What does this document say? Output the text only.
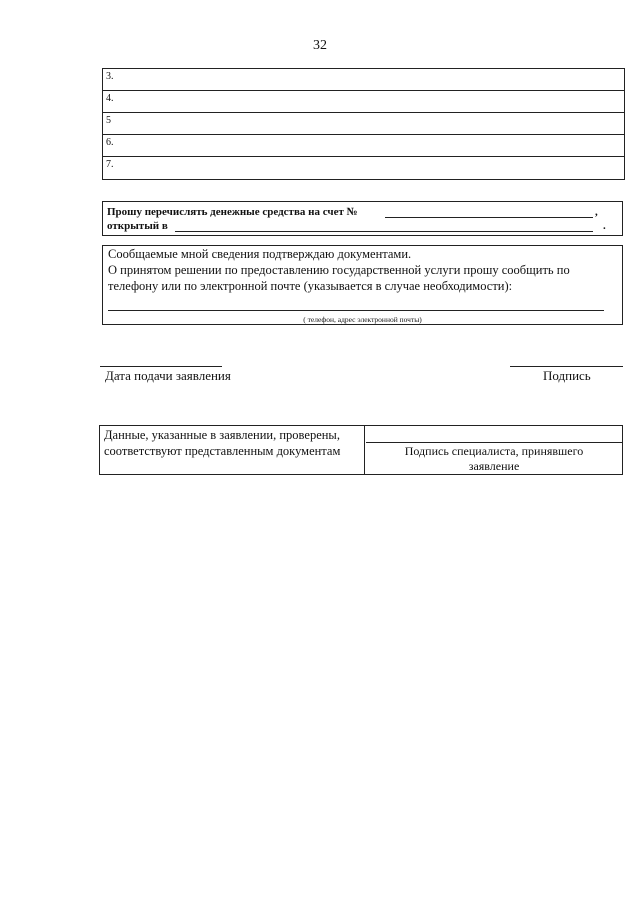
32
3.
4.
5
6.
7.
Прошу перечислять денежные средства на счет №	,
открытый в	.

Сообщаемые мной сведения подтверждаю документами.

О принятом решении по предоставлению государственной услуги прошу сообщить по

телефону или по электронной почте (указывается в случае необходимости):

( телефон, адрес электронной почты)
Дата подачи заявления	Подпись
Данные, указанные в заявлении, проверены,
соответствуют представленным документам	Подпись специалиста, принявшего
заявление
